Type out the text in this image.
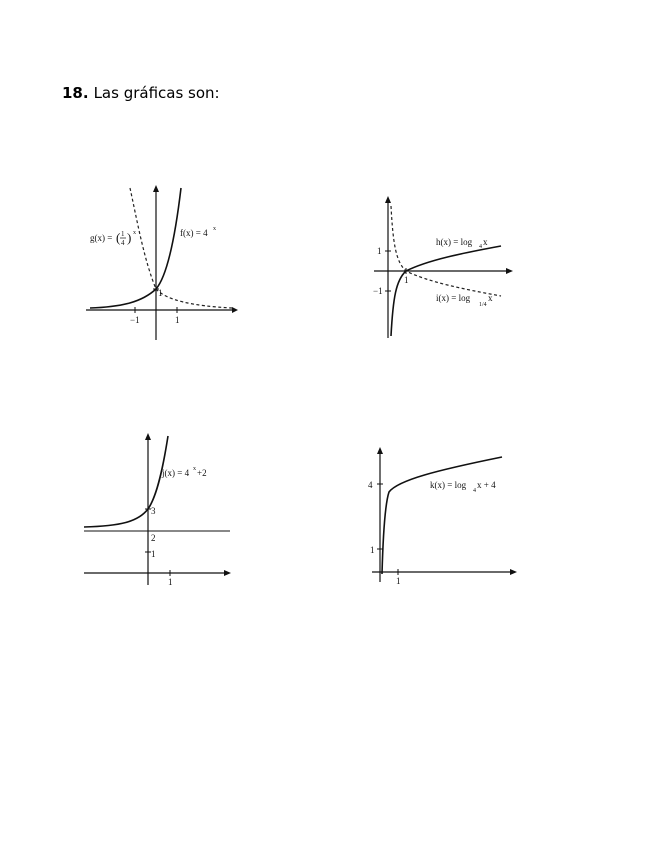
18. Las gráficas son:
−1	1
1
g(x) = ( 1
4 ) x	f(x) = 4 x
1
−1
1
h(x) = log 4 x
i(x) = log
1/4
x
3
2
1
1
j(x) = 4 x +2
4
1
1
k(x) = log
4
x + 4
